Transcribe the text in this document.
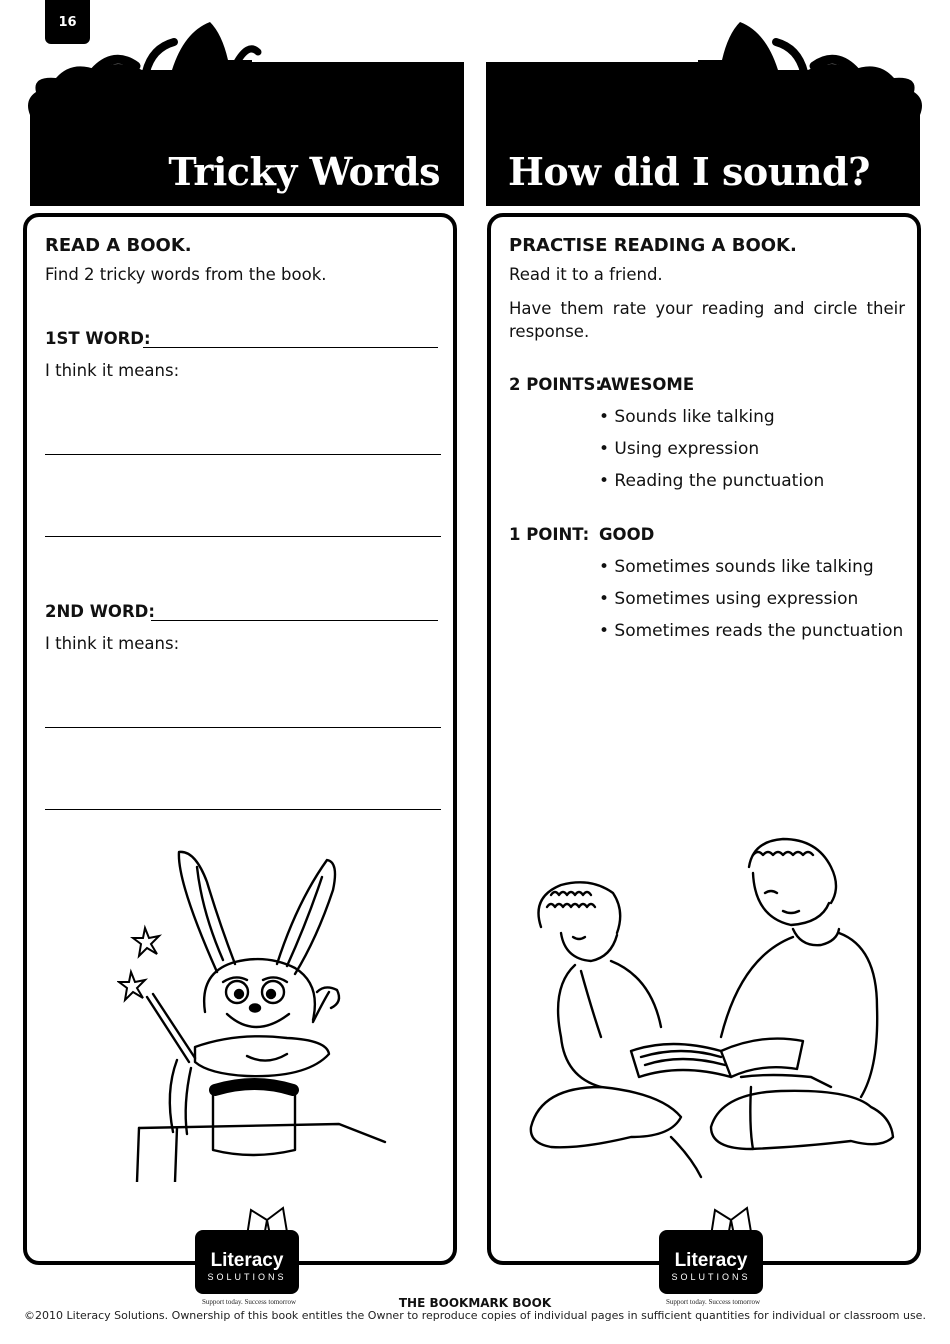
16
Tricky Words How did I sound?
READ A BOOK.
Find 2 tricky words from the book.
1ST WORD:
I think it means:
2ND WORD:
I think it means:
Literacy
SOLUTIONS
Support today. Success tomorrow
PRACTISE READING A BOOK.
Read it to a friend.
Have them rate your reading and circle their response.
2 POINTS:
AWESOME
• Sounds like talking
• Using expression
• Reading the punctuation
1 POINT: GOOD
• Sometimes sounds like talking
• Sometimes using expression
• Sometimes reads the punctuation
Literacy
SOLUTIONS
Support today. Success tomorrow
THE BOOKMARK BOOK
©2010 Literacy Solutions. Ownership of this book entitles the Owner to reproduce copies of individual pages in sufficient quantities for individual or classroom use.
